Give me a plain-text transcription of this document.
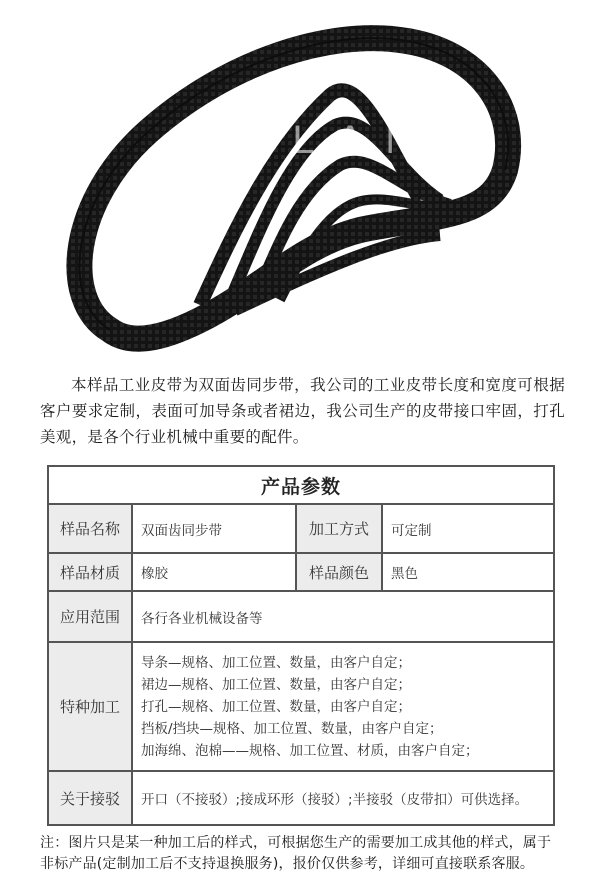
FRLAN

本样品工业皮带为双面齿同步带，我公司的工业皮带长度和宽度可根据客户要求定制，表面可加导条或者裙边，我公司生产的皮带接口牢固，打孔美观，是各个行业机械中重要的配件。

产品参数			
样品名称	双面齿同步带	加工方式	可定制
样品材质	橡胶	样品颜色	黑色
应用范围	各行各业机械设备等		
特种加工	
导条—规格、加工位置、数量，由客户自定；
裙边—规格、加工位置、数量，由客户自定；
打孔—规格、加工位置、数量，由客户自定；
挡板/挡块—规格、加工位置、数量，由客户自定；
加海绵、泡棉——规格、加工位置、材质，由客户自定；

关于接驳	开口（不接驳）;接成环形（接驳）;半接驳（皮带扣）可供选择。		
注：图片只是某一种加工后的样式，可根据您生产的需要加工成其他的样式，属于非标产品(定制加工后不支持退换服务)，报价仅供参考，详细可直接联系客服。
